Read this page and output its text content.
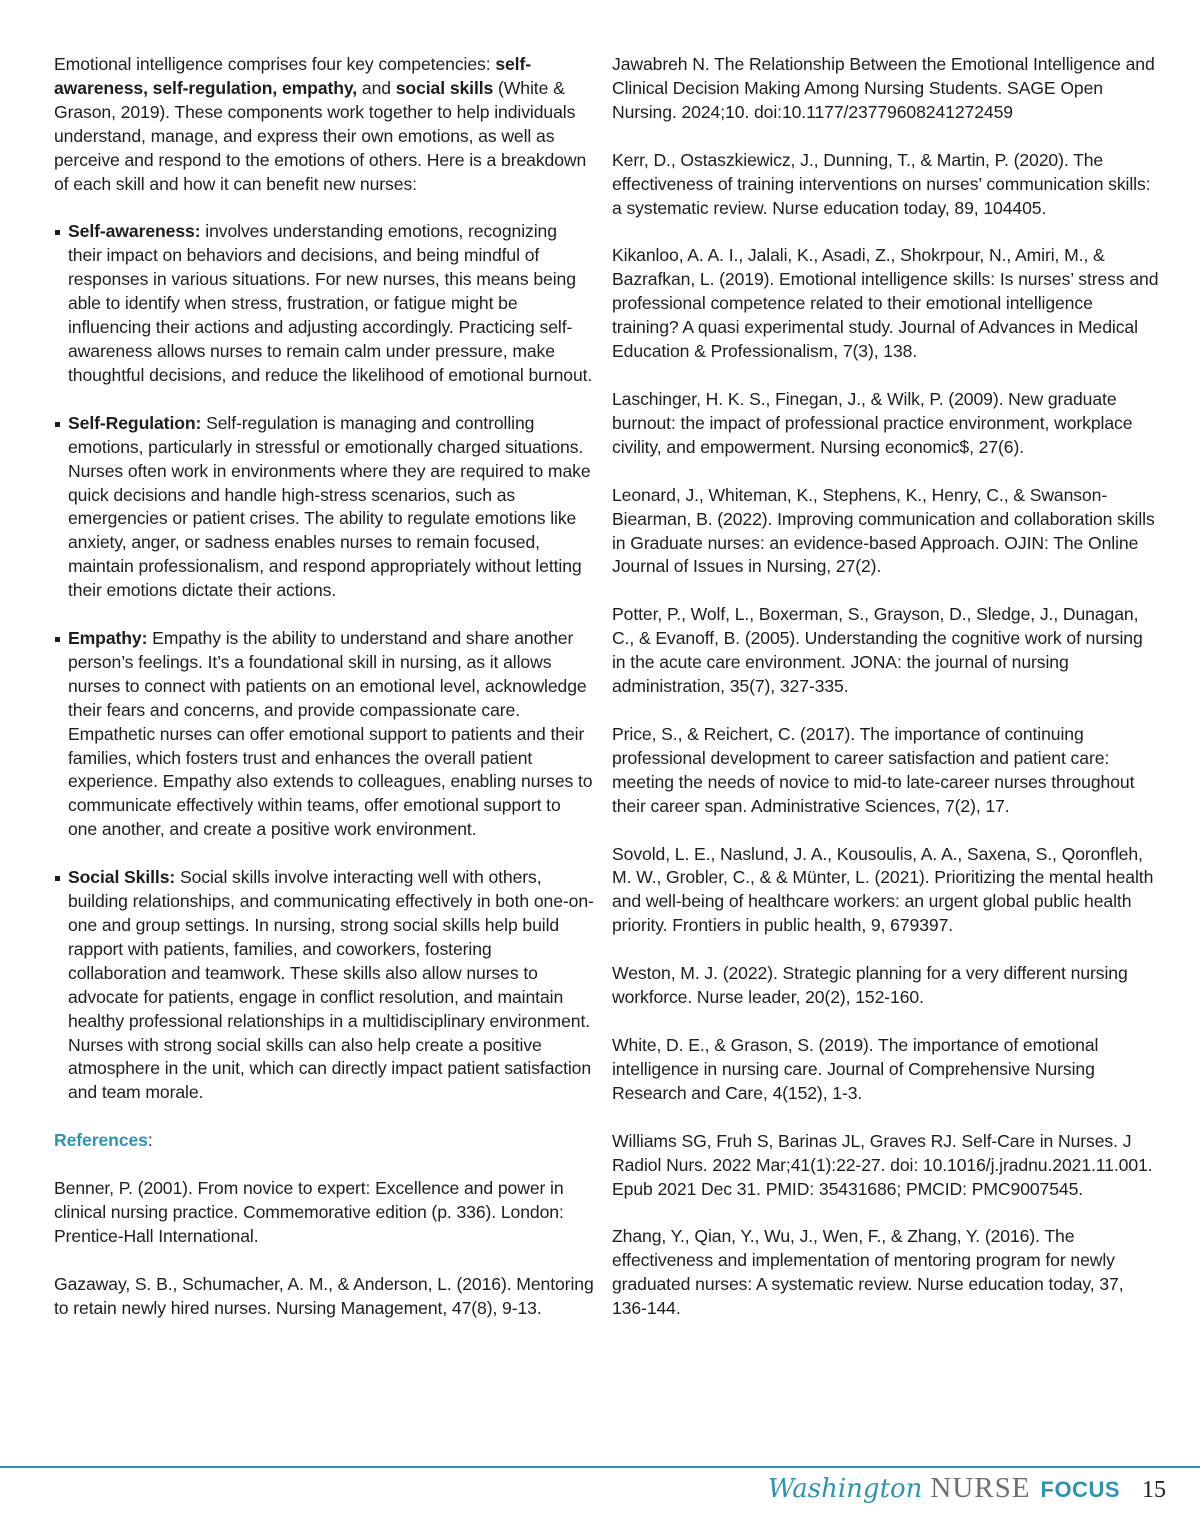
Emotional intelligence comprises four key competencies: self-awareness, self-regulation, empathy, and social skills (White & Grason, 2019). These components work together to help individuals understand, manage, and express their own emotions, as well as perceive and respond to the emotions of others. Here is a breakdown of each skill and how it can benefit new nurses:

Self-awareness: involves understanding emotions, recognizing their impact on behaviors and decisions, and being mindful of responses in various situations. For new nurses, this means being able to identify when stress, frustration, or fatigue might be influencing their actions and adjusting accordingly. Practicing self-awareness allows nurses to remain calm under pressure, make thoughtful decisions, and reduce the likelihood of emotional burnout.
Self-Regulation: Self-regulation is managing and controlling emotions, particularly in stressful or emotionally charged situations. Nurses often work in environments where they are required to make quick decisions and handle high-stress scenarios, such as emergencies or patient crises. The ability to regulate emotions like anxiety, anger, or sadness enables nurses to remain focused, maintain professionalism, and respond appropriately without letting their emotions dictate their actions.
Empathy: Empathy is the ability to understand and share another person’s feelings. It’s a foundational skill in nursing, as it allows nurses to connect with patients on an emotional level, acknowledge their fears and concerns, and provide compassionate care. Empathetic nurses can offer emotional support to patients and their families, which fosters trust and enhances the overall patient experience. Empathy also extends to colleagues, enabling nurses to communicate effectively within teams, offer emotional support to one another, and create a positive work environment.
Social Skills: Social skills involve interacting well with others, building relationships, and communicating effectively in both one-on-one and group settings. In nursing, strong social skills help build rapport with patients, families, and coworkers, fostering collaboration and teamwork. These skills also allow nurses to advocate for patients, engage in conflict resolution, and maintain healthy professional relationships in a multidisciplinary environment. Nurses with strong social skills can also help create a positive atmosphere in the unit, which can directly impact patient satisfaction and team morale.

References:

Benner, P. (2001). From novice to expert: Excellence and power in clinical nursing practice. Commemorative edition (p. 336). London: Prentice-Hall International.

Gazaway, S. B., Schumacher, A. M., & Anderson, L. (2016). Mentoring to retain newly hired nurses. Nursing Management, 47(8), 9-13.

Jawabreh N. The Relationship Between the Emotional Intelligence and Clinical Decision Making Among Nursing Students. SAGE Open Nursing. 2024;10. doi:10.1177/23779608241272459

Kerr, D., Ostaszkiewicz, J., Dunning, T., & Martin, P. (2020). The effectiveness of training interventions on nurses’ communication skills: a systematic review. Nurse education today, 89, 104405.

Kikanloo, A. A. I., Jalali, K., Asadi, Z., Shokrpour, N., Amiri, M., & Bazrafkan, L. (2019). Emotional intelligence skills: Is nurses’ stress and professional competence related to their emotional intelligence training? A quasi experimental study. Journal of Advances in Medical Education & Professionalism, 7(3), 138.

Laschinger, H. K. S., Finegan, J., & Wilk, P. (2009). New graduate burnout: the impact of professional practice environment, workplace civility, and empowerment. Nursing economic$, 27(6).

Leonard, J., Whiteman, K., Stephens, K., Henry, C., & Swanson-Biearman, B. (2022). Improving communication and collaboration skills in Graduate nurses: an evidence-based Approach. OJIN: The Online Journal of Issues in Nursing, 27(2).

Potter, P., Wolf, L., Boxerman, S., Grayson, D., Sledge, J., Dunagan, C., & Evanoff, B. (2005). Understanding the cognitive work of nursing in the acute care environment. JONA: the journal of nursing administration, 35(7), 327-335.

Price, S., & Reichert, C. (2017). The importance of continuing professional development to career satisfaction and patient care: meeting the needs of novice to mid-to late-career nurses throughout their career span. Administrative Sciences, 7(2), 17.

Sovold, L. E., Naslund, J. A., Kousoulis, A. A., Saxena, S., Qoronfleh, M. W., Grobler, C., & & Münter, L. (2021). Prioritizing the mental health and well-being of healthcare workers: an urgent global public health priority. Frontiers in public health, 9, 679397.

Weston, M. J. (2022). Strategic planning for a very different nursing workforce. Nurse leader, 20(2), 152-160.

White, D. E., & Grason, S. (2019). The importance of emotional intelligence in nursing care. Journal of Comprehensive Nursing Research and Care, 4(152), 1-3.

Williams SG, Fruh S, Barinas JL, Graves RJ. Self-Care in Nurses. J Radiol Nurs. 2022 Mar;41(1):22-27. doi: 10.1016/j.jradnu.2021.11.001. Epub 2021 Dec 31. PMID: 35431686; PMCID: PMC9007545.

Zhang, Y., Qian, Y., Wu, J., Wen, F., & Zhang, Y. (2016). The effectiveness and implementation of mentoring program for newly graduated nurses: A systematic review. Nurse education today, 37, 136-144.

Washington NURSE FOCUS 15
